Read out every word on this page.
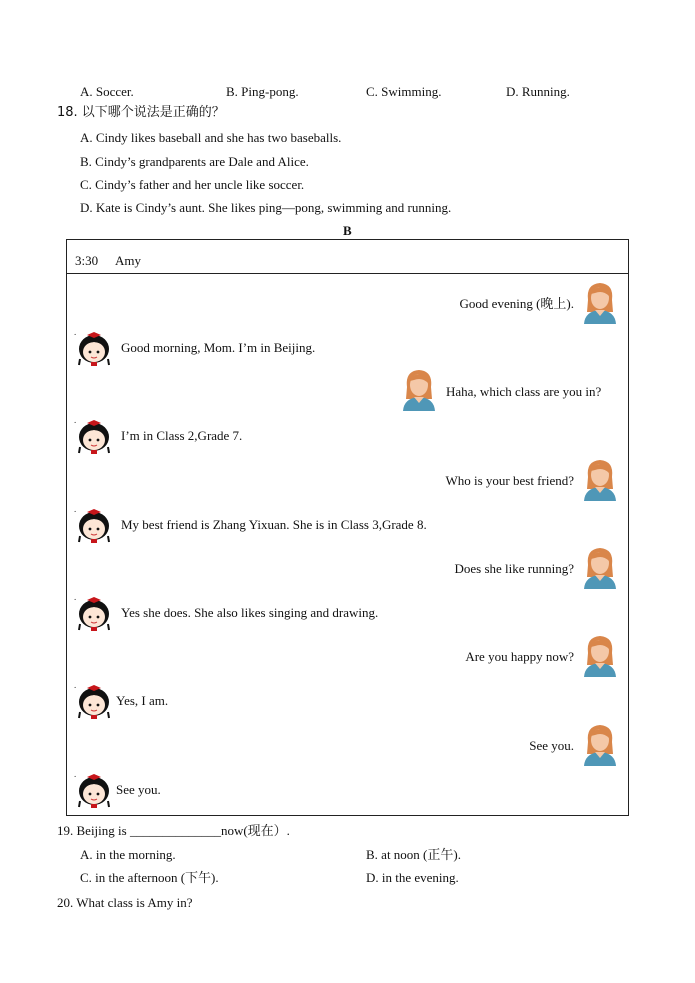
A. Soccer.	B. Ping-pong.	C. Swimming.	D. Running.
18. 以下哪个说法是正确的？
A. Cindy likes baseball and she has two baseballs.
B. Cindy’s grandparents are Dale and Alice.
C. Cindy’s father and her uncle like soccer.
D. Kate is Cindy’s aunt. She likes ping—pong, swimming and running.
B
3:30 Amy
Good evening (晚上).
.
Good morning, Mom. I’m in Beijing.
Haha, which class are you in?
.
I’m in Class 2,Grade 7.
Who is your best friend?
.
My best friend is Zhang Yixuan. She is in Class 3,Grade 8.
Does she like running?
.
Yes she does. She also likes singing and drawing.
Are you happy now?
.
Yes, I am.
See you.
.
See you.
19. Beijing is ______________now(现在）.
A. in the morning.	B. at noon (正午).
C. in the afternoon (下午).	D. in the evening.
20. What class is Amy in?
